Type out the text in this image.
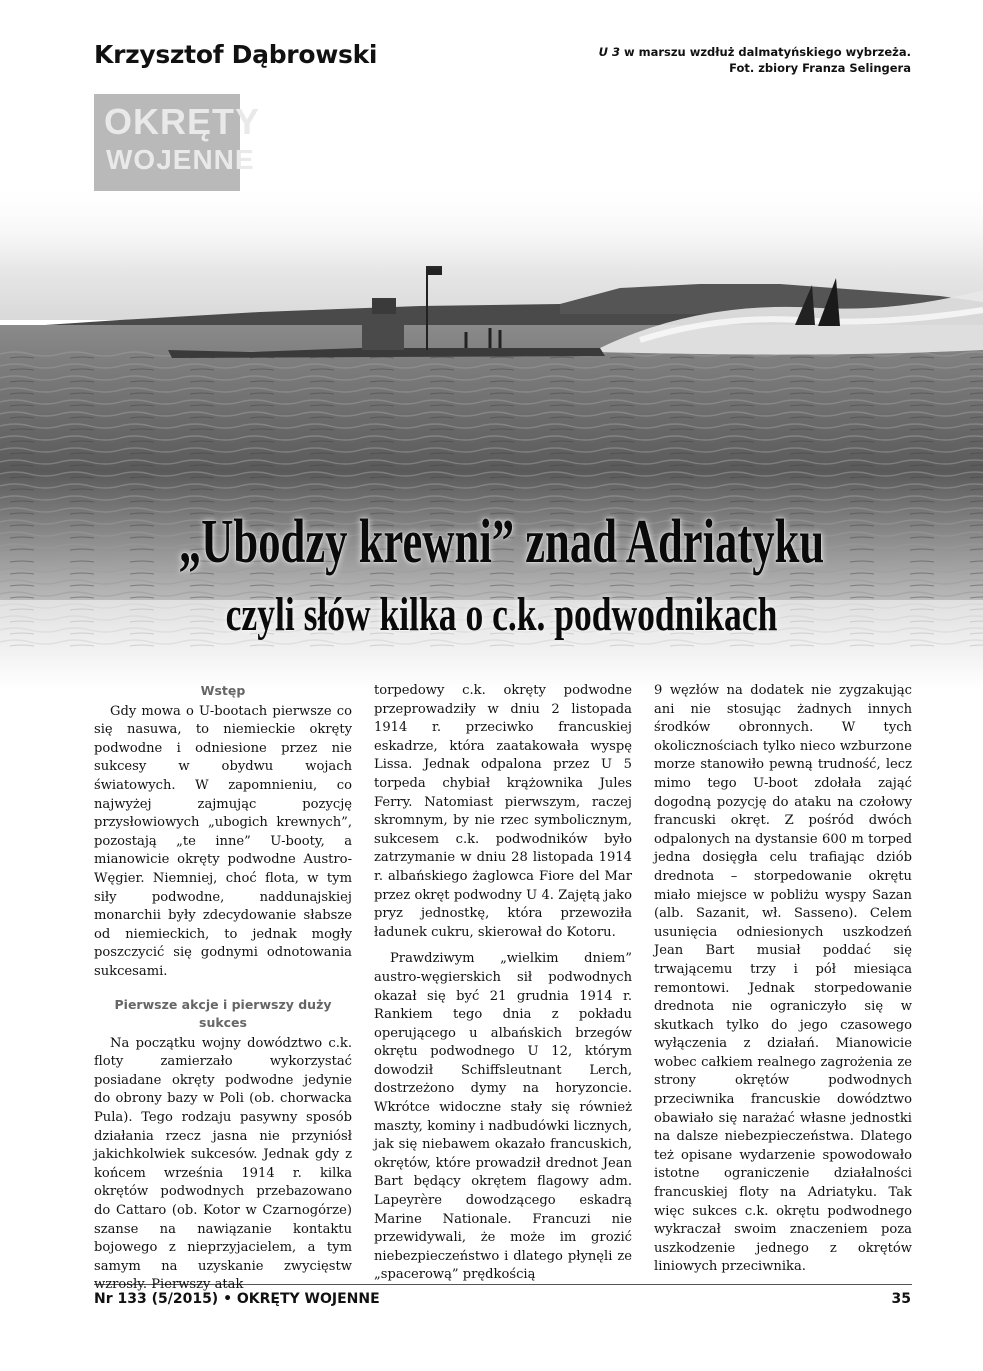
Krzysztof Dąbrowski	U 3 w marszu wzdłuż dalmatyńskiego wybrzeża.
Fot. zbiory Franza Selingera
OKRĘTY
WOJENNE
„Ubodzy krewni” znad Adriatyku
czyli słów kilka o c.k. podwodnikach
Wstęp

Gdy mowa o U-bootach pierwsze co się nasuwa, to niemieckie okręty podwodne i odniesione przez nie sukcesy w obydwu wojach światowych. W zapomnieniu, co najwyżej zajmując pozycję przysłowiowych „ubogich krewnych”, pozostają „te inne” U-booty, a mianowicie okręty podwodne Austro-Węgier. Niemniej, choć flota, w tym siły podwodne, naddunajskiej monarchii były zdecydowanie słabsze od niemieckich, to jednak mogły poszczycić się godnymi odnotowania sukcesami.

Pierwsze akcje i pierwszy duży sukces

Na początku wojny dowództwo c.k. floty zamierzało wykorzystać posiadane okręty podwodne jedynie do obrony bazy w Poli (ob. chorwacka Pula). Tego rodzaju pasywny sposób działania rzecz jasna nie przyniósł jakichkolwiek sukcesów. Jednak gdy z końcem września 1914 r. kilka okrętów podwodnych przebazowano do Cattaro (ob. Kotor w Czarnogórze) szanse na nawiązanie kontaktu bojowego z nieprzyjacielem, a tym samym na uzyskanie zwycięstw wzrosły. Pierwszy atak

torpedowy c.k. okręty podwodne przeprowadziły w dniu 2 listopada 1914 r. przeciwko francuskiej eskadrze, która zaatakowała wyspę Lissa. Jednak odpalona przez U 5 torpeda chybiał krążownika Jules Ferry. Natomiast pierwszym, raczej skromnym, by nie rzec symbolicznym, sukcesem c.k. podwodników było zatrzymanie w dniu 28 listopada 1914 r. albańskiego żaglowca Fiore del Mar przez okręt podwodny U 4. Zajętą jako pryz jednostkę, która przewoziła ładunek cukru, skierował do Kotoru.

Prawdziwym „wielkim dniem” austro-węgierskich sił podwodnych okazał się być 21 grudnia 1914 r. Rankiem tego dnia z pokładu operującego u albańskich brzegów okrętu podwodnego U 12, którym dowodził Schiffsleutnant Lerch, dostrzeżono dymy na horyzoncie. Wkrótce widoczne stały się również maszty, kominy i nadbudówki licznych, jak się niebawem okazało francuskich, okrętów, które prowadził drednot Jean Bart będący okrętem flagowy adm. Lapeyrère dowodzącego eskadrą Marine Nationale. Francuzi nie przewidywali, że może im grozić niebezpieczeństwo i dlatego płynęli ze „spacerową” prędkością

9 węzłów na dodatek nie zygzakując ani nie stosując żadnych innych środków obronnych. W tych okolicznościach tylko nieco wzburzone morze stanowiło pewną trudność, lecz mimo tego U-boot zdołała zająć dogodną pozycję do ataku na czołowy francuski okręt. Z pośród dwóch odpalonych na dystansie 600 m torped jedna dosięgła celu trafiając dziób drednota – storpedowanie okrętu miało miejsce w pobliżu wyspy Sazan (alb. Sazanit, wł. Sasseno). Celem usunięcia odniesionych uszkodzeń Jean Bart musiał poddać się trwającemu trzy i pół miesiąca remontowi. Jednak storpedowanie drednota nie ograniczyło się w skutkach tylko do jego czasowego wyłączenia z działań. Mianowicie wobec całkiem realnego zagrożenia ze strony okrętów podwodnych przeciwnika francuskie dowództwo obawiało się narażać własne jednostki na dalsze niebezpieczeństwa. Dlatego też opisane wydarzenie spowodowało istotne ograniczenie działalności francuskiej floty na Adriatyku. Tak więc sukces c.k. okrętu podwodnego wykraczał swoim znaczeniem poza uszkodzenie jednego z okrętów liniowych przeciwnika.

Nr 133 (5/2015) • OKRĘTY WOJENNE	35
